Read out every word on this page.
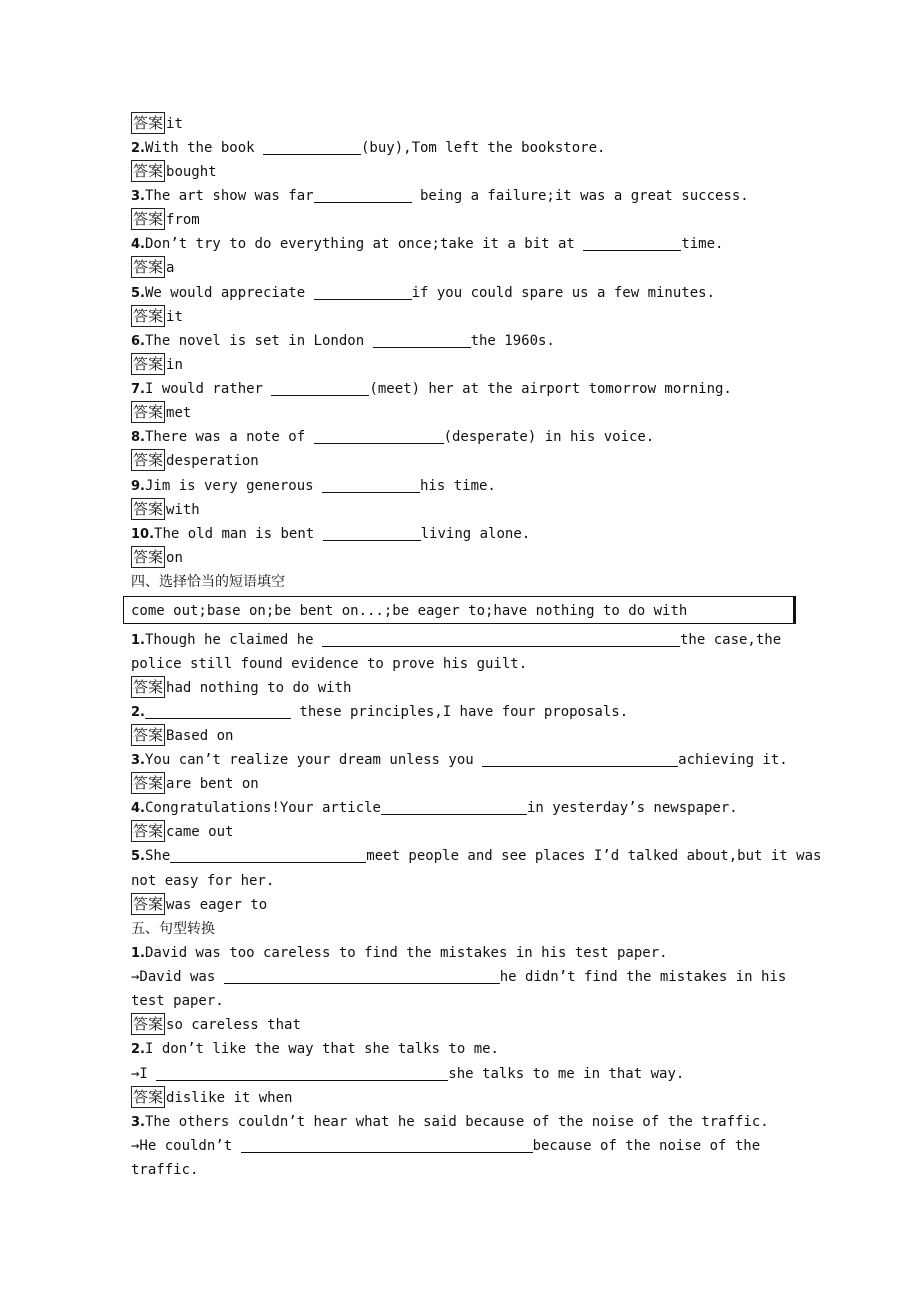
come out;base on;be bent on...;be eager to;have nothing to do with
答案 it
2.With the book	(buy),Tom left the bookstore.
答案 bought
3.The art show was far	being a failure;it was a great success.
答案 from
4.Don’t try to do everything at once;take it a bit at	time.
答案 a
5.We would appreciate	if you could spare us a few minutes.
答案 it
6.The novel is set in London	the 1960s.
答案 in
7.I would rather	(meet) her at the airport tomorrow morning.
答案 met
8.There was a note of	(desperate) in his voice.
答案 desperation
9.Jim is very generous	his time.
答案 with
10.The old man is bent	living alone.
答案 on
四、选择恰当的短语填空
1.Though he claimed he	the case,the
police still found evidence to prove his guilt.
答案 had nothing to do with
2.	these principles,I have four proposals.
答案 Based on
3.You can’t realize your dream unless you	achieving it.
答案 are bent on
4.Congratulations!Your article	in yesterday’s newspaper.
答案 came out
5.She	meet people and see places I’d talked about,but it was
not easy for her.
答案 was eager to
五、句型转换
1.David was too careless to find the mistakes in his test paper.
→David was	he didn’t find the mistakes in his
test paper.
答案 so careless that
2.I don’t like the way that she talks to me.
→I	she talks to me in that way.
答案 dislike it when
3.The others couldn’t hear what he said because of the noise of the traffic.
→He couldn’t	because of the noise of the
traffic.
